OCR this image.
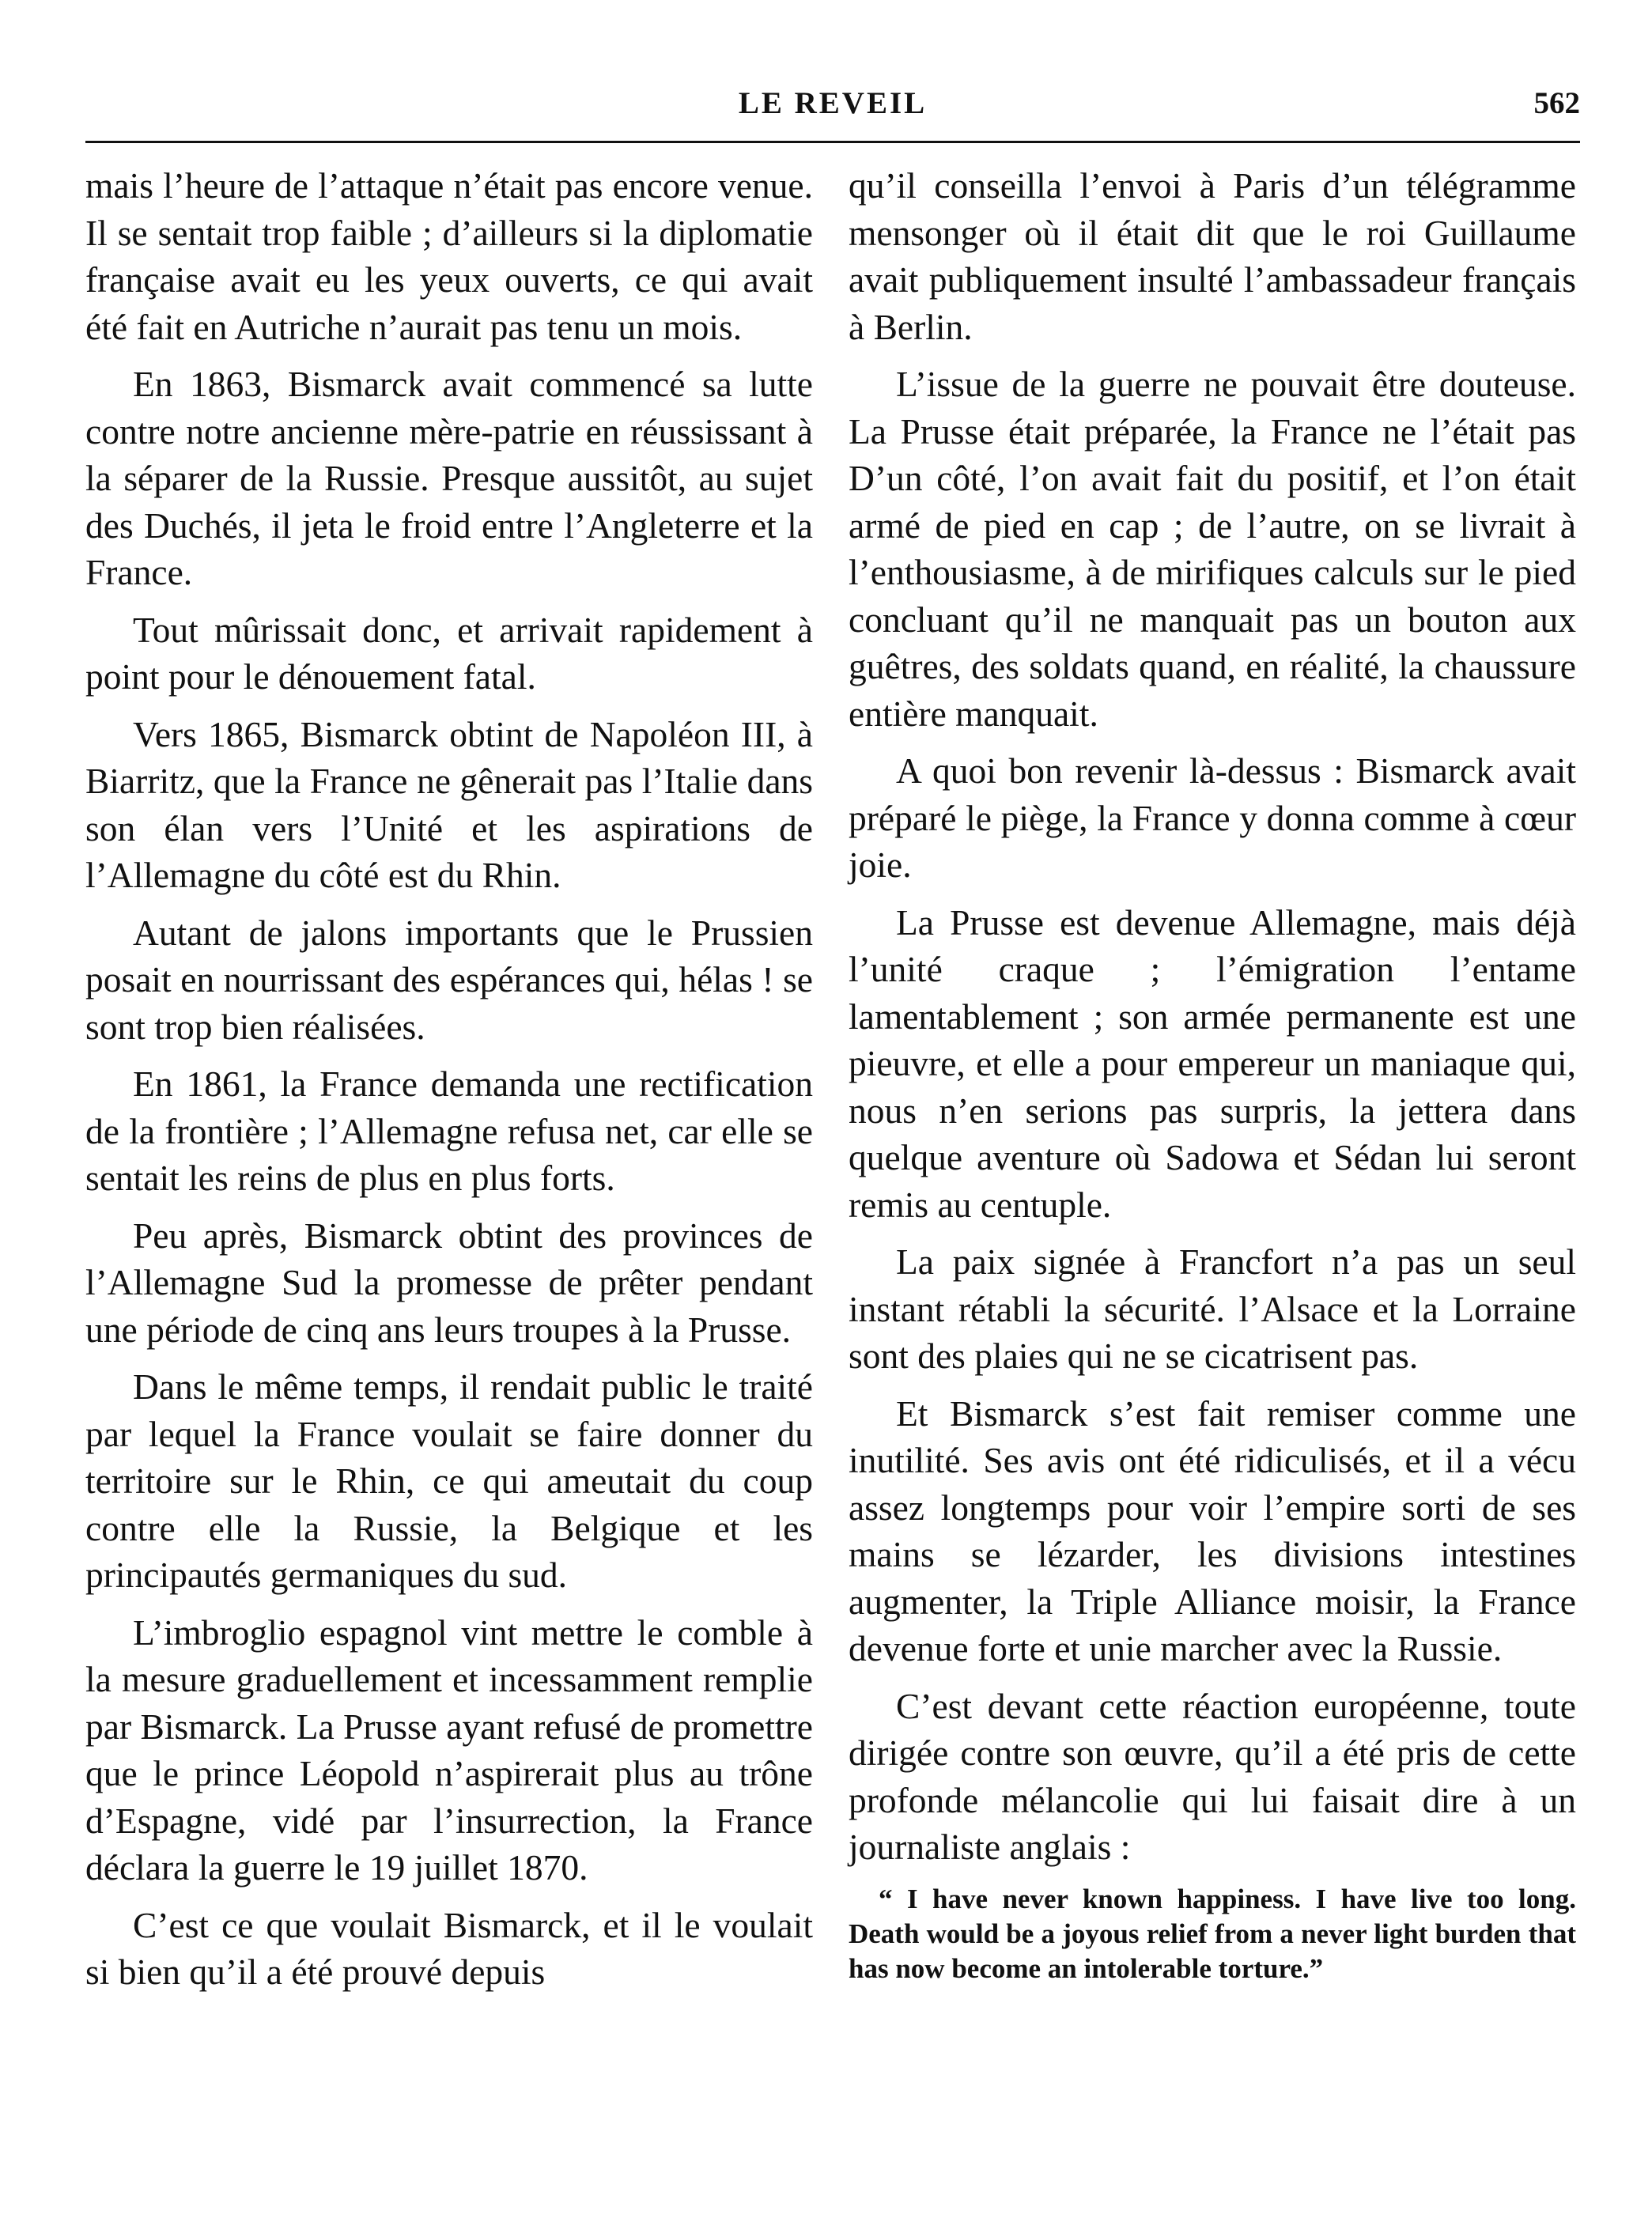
LE REVEIL	562

mais l’heure de l’attaque n’était pas encore venue. Il se sentait trop faible ; d’ailleurs si la diplomatie française avait eu les yeux ouverts, ce qui avait été fait en Autriche n’aurait pas tenu un mois.

En 1863, Bismarck avait commencé sa lutte contre notre ancienne mère-patrie en réussissant à la séparer de la Russie. Presque aussitôt, au sujet des Duchés, il jeta le froid entre l’Angleterre et la France.

Tout mûrissait donc, et arrivait rapidement à point pour le dénouement fatal.

Vers 1865, Bismarck obtint de Napoléon III, à Biarritz, que la France ne gênerait pas l’Italie dans son élan vers l’Unité et les aspirations de l’Allemagne du côté est du Rhin.

Autant de jalons importants que le Prussien posait en nourrissant des espérances qui, hélas ! se sont trop bien réalisées.

En 1861, la France demanda une rectification de la frontière ; l’Allemagne refusa net, car elle se sentait les reins de plus en plus forts.

Peu après, Bismarck obtint des provinces de l’Allemagne Sud la promesse de prêter pendant une période de cinq ans leurs troupes à la Prusse.

Dans le même temps, il rendait public le traité par lequel la France voulait se faire donner du territoire sur le Rhin, ce qui ameutait du coup contre elle la Russie, la Belgique et les principautés germaniques du sud.

L’imbroglio espagnol vint mettre le comble à la mesure graduellement et incessamment remplie par Bismarck. La Prusse ayant refusé de promettre que le prince Léopold n’aspirerait plus au trône d’Espagne, vidé par l’insurrection, la France déclara la guerre le 19 juillet 1870.

C’est ce que voulait Bismarck, et il le voulait si bien qu’il a été prouvé depuis

qu’il conseilla l’envoi à Paris d’un télégramme mensonger où il était dit que le roi Guillaume avait publiquement insulté l’ambassadeur français à Berlin.

L’issue de la guerre ne pouvait être douteuse. La Prusse était préparée, la France ne l’était pas D’un côté, l’on avait fait du positif, et l’on était armé de pied en cap ; de l’autre, on se livrait à l’enthousiasme, à de mirifiques calculs sur le pied concluant qu’il ne manquait pas un bouton aux guêtres, des soldats quand, en réalité, la chaussure entière manquait.

A quoi bon revenir là-dessus : Bismarck avait préparé le piège, la France y donna comme à cœur joie.

La Prusse est devenue Allemagne, mais déjà l’unité craque ; l’émigration l’entame lamentablement ; son armée permanente est une pieuvre, et elle a pour empereur un maniaque qui, nous n’en serions pas surpris, la jettera dans quelque aventure où Sadowa et Sédan lui seront remis au centuple.

La paix signée à Francfort n’a pas un seul instant rétabli la sécurité. l’Alsace et la Lorraine sont des plaies qui ne se cicatrisent pas.

Et Bismarck s’est fait remiser comme une inutilité. Ses avis ont été ridiculisés, et il a vécu assez longtemps pour voir l’empire sorti de ses mains se lézarder, les divisions intestines augmenter, la Triple Alliance moisir, la France devenue forte et unie marcher avec la Russie.

C’est devant cette réaction européenne, toute dirigée contre son œuvre, qu’il a été pris de cette profonde mélancolie qui lui faisait dire à un journaliste anglais :

“ I have never known happiness. I have live too long. Death would be a joyous relief from a never light burden that has now become an intolerable torture.”
